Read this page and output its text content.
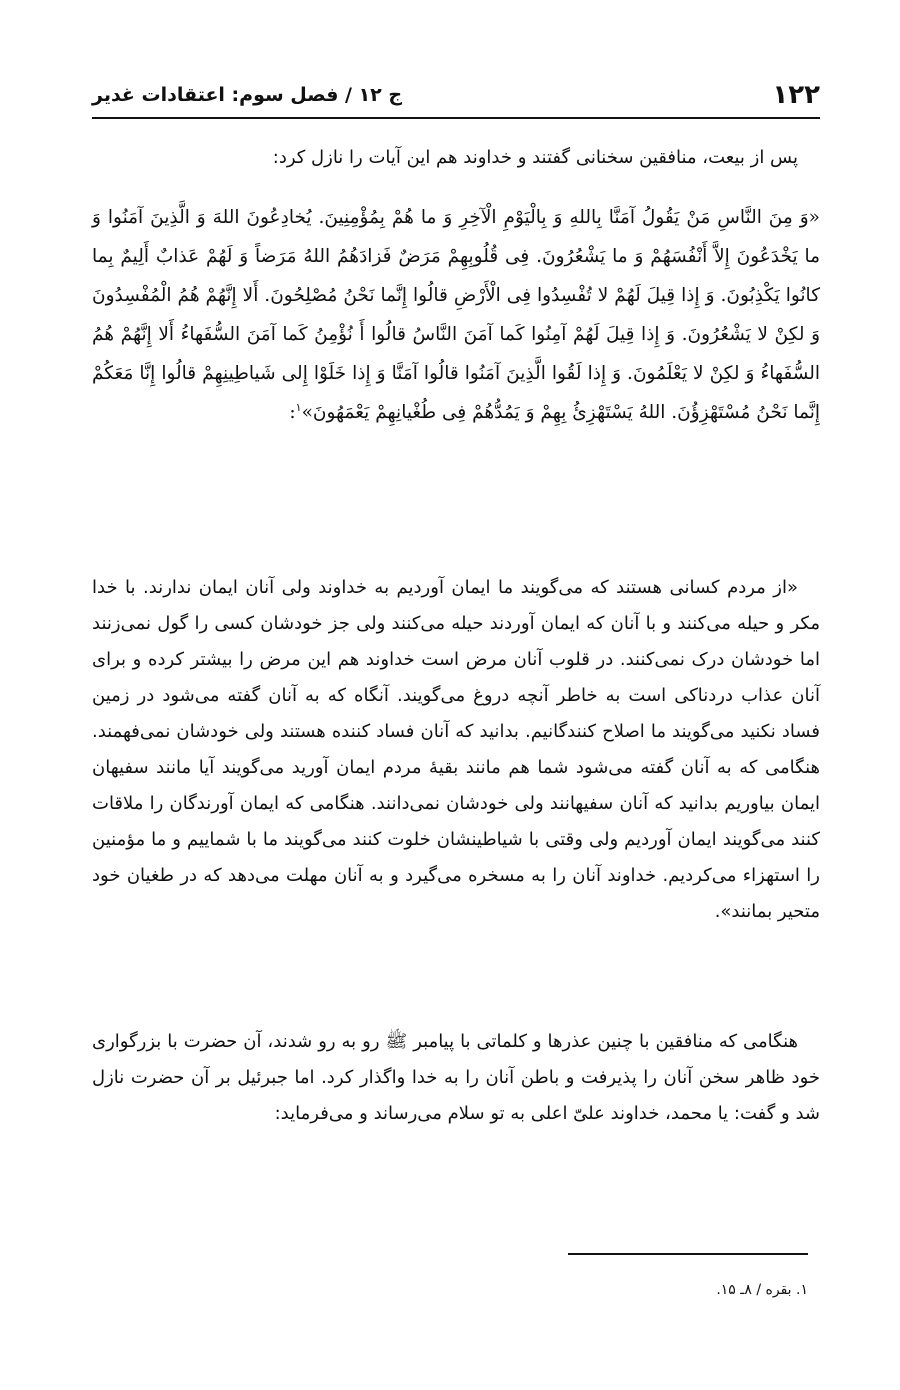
۱۲۲
ج ۱۲ / فصل سوم: اعتقادات غدیر

پس از بیعت، منافقین سخنانی گفتند و خداوند هم این آیات را نازل کرد:

«وَ مِنَ النَّاسِ مَنْ یَقُولُ آمَنَّا بِاللهِ وَ بِالْیَوْمِ الْآخِرِ وَ ما هُمْ بِمُؤْمِنِینَ. یُخادِعُونَ اللهَ وَ الَّذِینَ آمَنُوا وَ ما یَخْدَعُونَ إِلاَّ أَنْفُسَهُمْ وَ ما یَشْعُرُونَ. فِی قُلُوبِهِمْ مَرَضٌ فَزادَهُمُ اللهُ مَرَضاً وَ لَهُمْ عَذابٌ أَلِیمٌ بِما کانُوا یَکْذِبُونَ. وَ إِذا قِیلَ لَهُمْ لا تُفْسِدُوا فِی الْأَرْضِ قالُوا إِنَّما نَحْنُ مُصْلِحُونَ. أَلا إِنَّهُمْ هُمُ الْمُفْسِدُونَ وَ لکِنْ لا یَشْعُرُونَ. وَ إِذا قِیلَ لَهُمْ آمِنُوا کَما آمَنَ النَّاسُ قالُوا أَ نُؤْمِنُ کَما آمَنَ السُّفَهاءُ أَلا إِنَّهُمْ هُمُ السُّفَهاءُ وَ لکِنْ لا یَعْلَمُونَ. وَ إِذا لَقُوا الَّذِینَ آمَنُوا قالُوا آمَنَّا وَ إِذا خَلَوْا إِلی شَیاطِینِهِمْ قالُوا إِنَّا مَعَکُمْ إِنَّما نَحْنُ مُسْتَهْزِؤُنَ. اللهُ یَسْتَهْزِئُ بِهِمْ وَ یَمُدُّهُمْ فِی طُغْیانِهِمْ یَعْمَهُونَ»$^۱$:

«از مردم کسانی هستند که می‌گویند ما ایمان آوردیم به خداوند ولی آنان ایمان ندارند. با خدا مکر و حیله می‌کنند و با آنان که ایمان آوردند حیله می‌کنند ولی جز خودشان کسی را گول نمی‌زنند اما خودشان درک نمی‌کنند. در قلوب آنان مرض است خداوند هم این مرض را بیشتر کرده و برای آنان عذاب دردناکی است به خاطر آنچه دروغ می‌گویند. آنگاه که به آنان گفته می‌شود در زمین فساد نکنید می‌گویند ما اصلاح کنندگانیم. بدانید که آنان فساد کننده هستند ولی خودشان نمی‌فهمند. هنگامی که به آنان گفته می‌شود شما هم مانند بقیهٔ مردم ایمان آورید می‌گویند آیا مانند سفیهان ایمان بیاوریم بدانید که آنان سفیهانند ولی خودشان نمی‌دانند. هنگامی که ایمان آورندگان را ملاقات کنند می‌گویند ایمان آوردیم ولی وقتی با شیاطینشان خلوت کنند می‌گویند ما با شماییم و ما مؤمنین را استهزاء می‌کردیم. خداوند آنان را به مسخره می‌گیرد و به آنان مهلت می‌دهد که در طغیان خود متحیر بمانند».

هنگامی که منافقین با چنین عذرها و کلماتی با پیامبر ﷺ رو به رو شدند، آن حضرت با بزرگواری خود ظاهر سخن آنان را پذیرفت و باطن آنان را به خدا واگذار کرد. اما جبرئیل بر آن حضرت نازل شد و گفت: یا محمد، خداوند علیّ اعلی به تو سلام می‌رساند و می‌فرماید:

۱. بقره / ۸ـ ۱۵.
